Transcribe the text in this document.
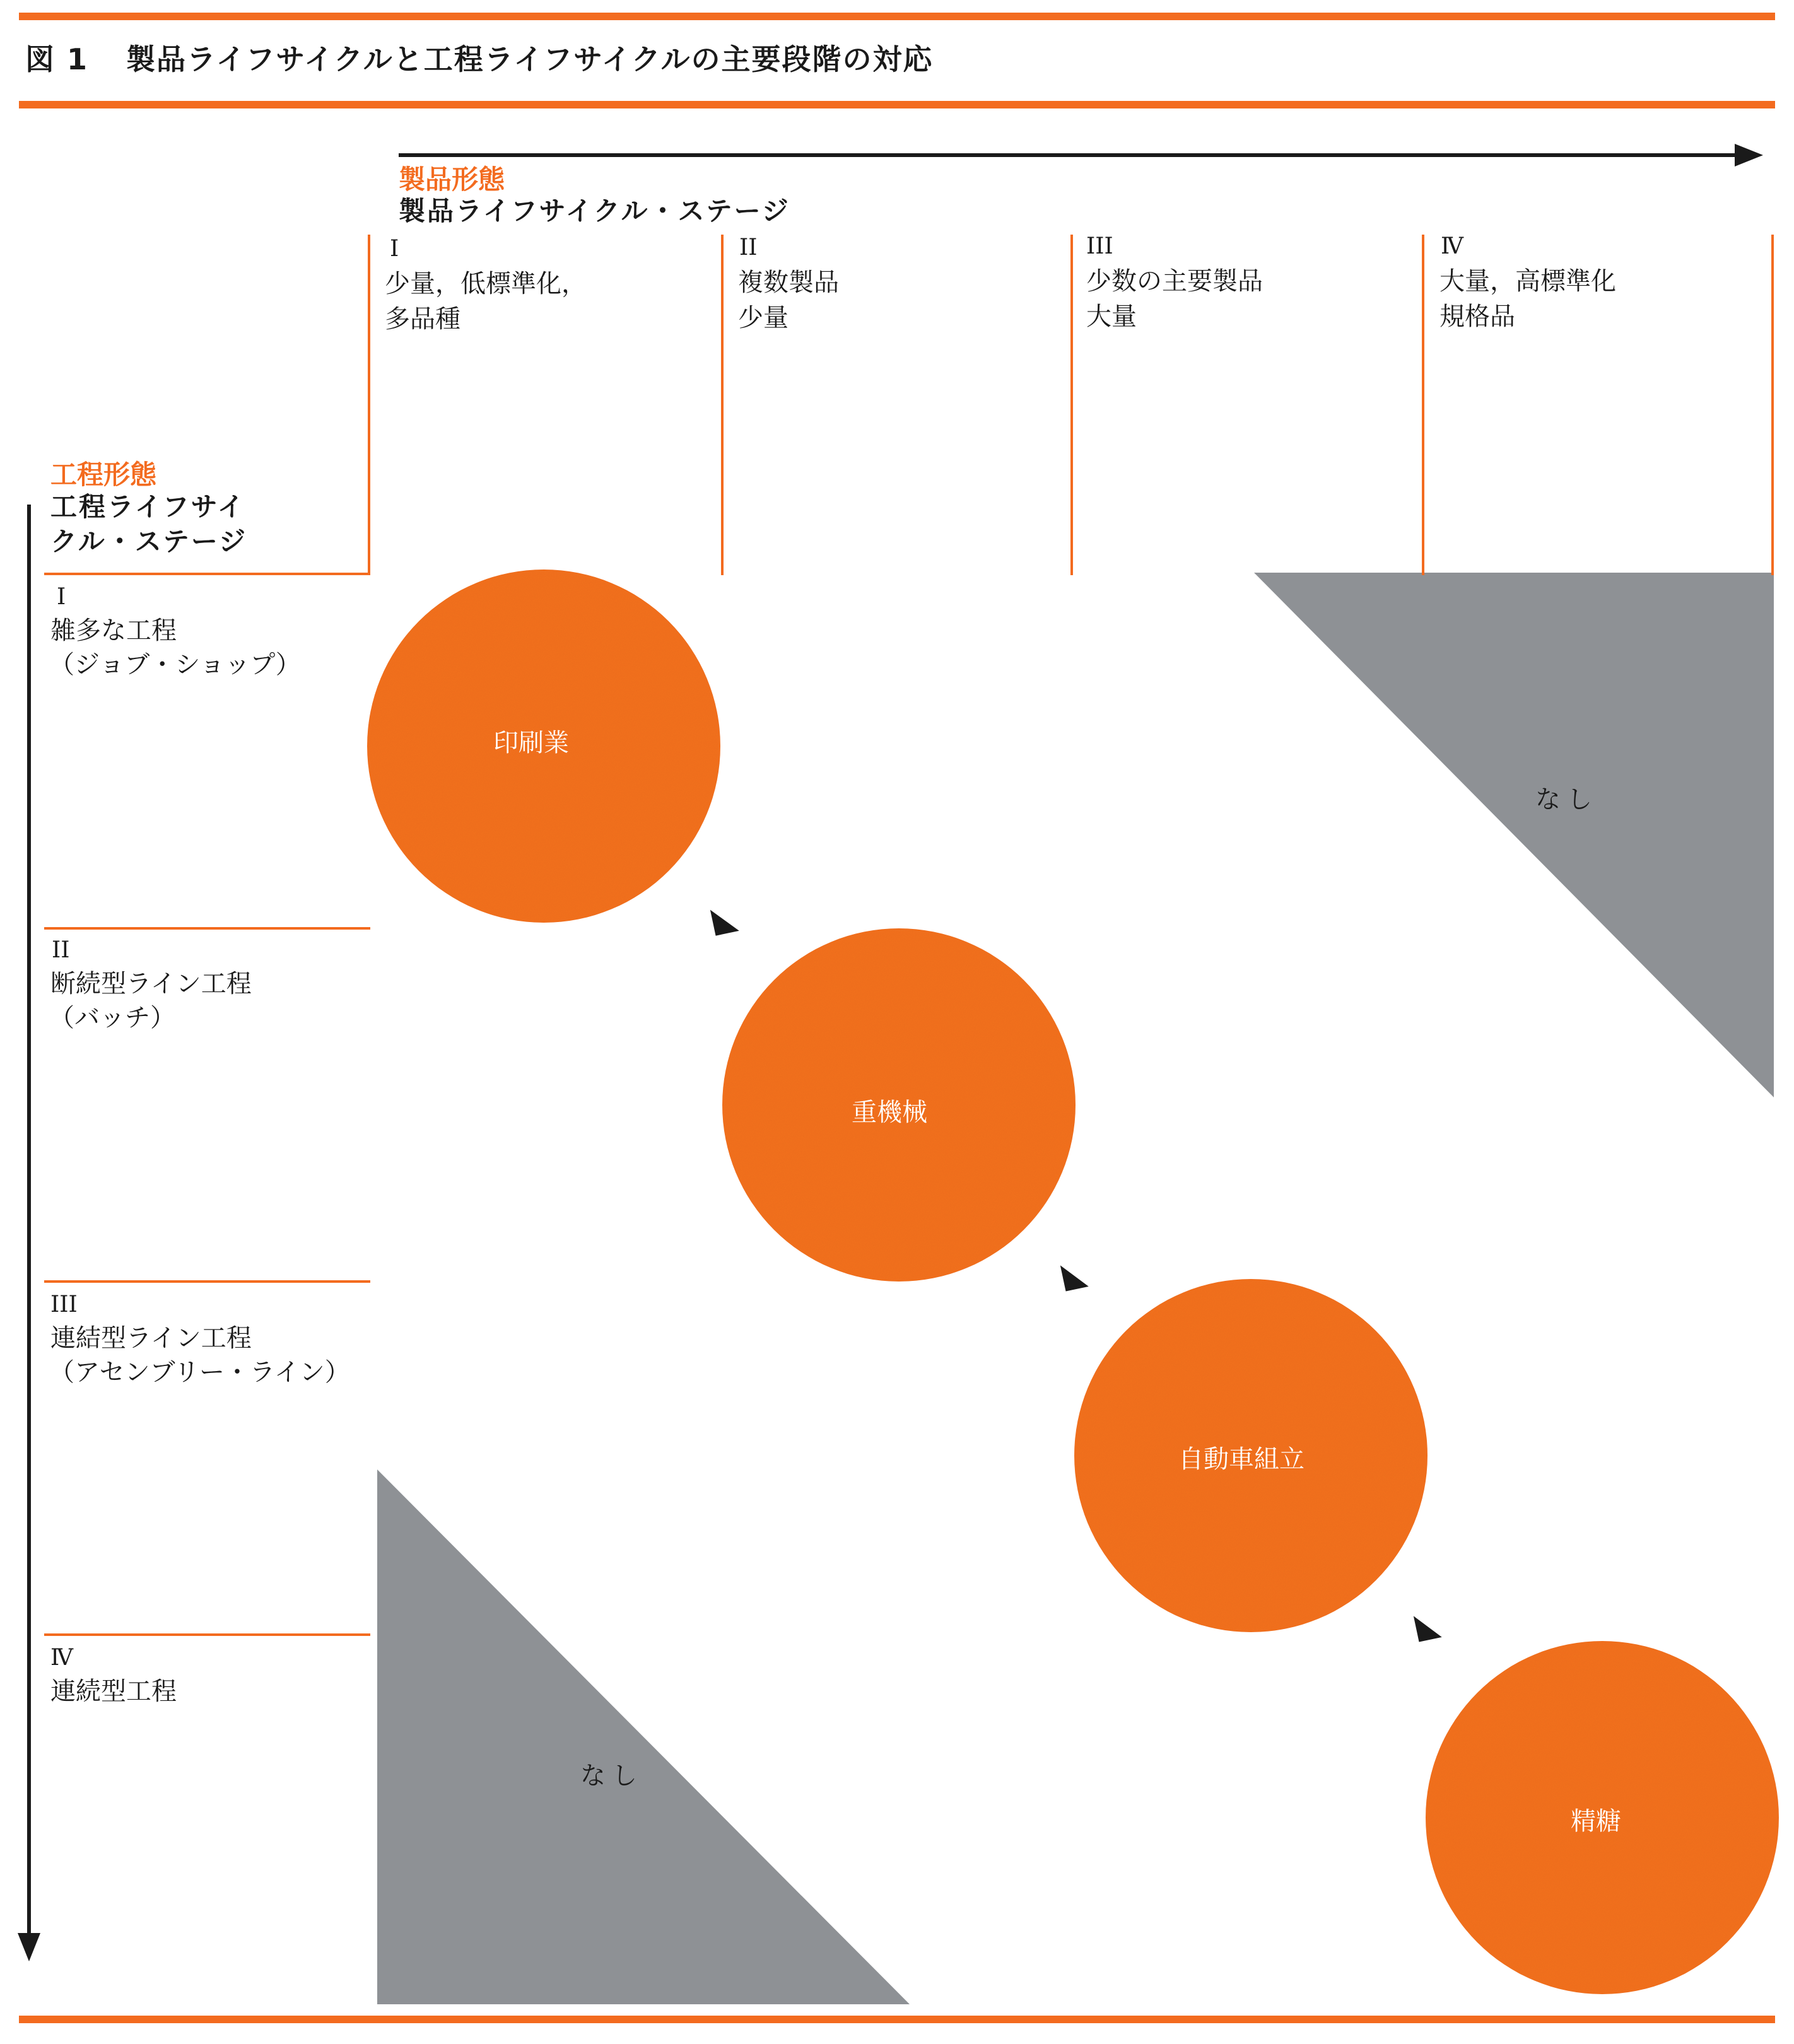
図 1 製品ライフサイクルと工程ライフサイクルの主要段階の対応
製品形態
製品ライフサイクル・ステージ
工程形態
工程ライフサイ
クル・ステージ
I
少量，低標準化，
多品種
II
複数製品
少量
III
少数の主要製品
大量
Ⅳ
大量，高標準化
規格品
I
雑多な工程
（ジョブ・ショップ）
II
断続型ライン工程
（バッチ）
III
連結型ライン工程
（アセンブリー・ライン）
Ⅳ
連続型工程
印刷業
重機械
自動車組立
精糖
なし
なし
